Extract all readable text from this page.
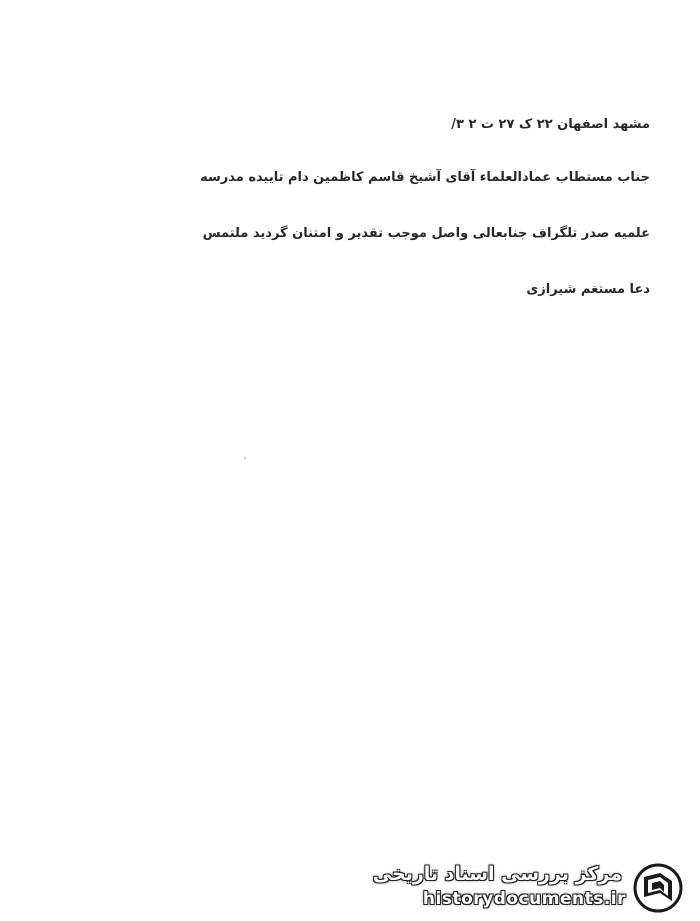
مشهد اصفهان ۲۲ ک ۲۷ ت ۲ ۳/
جناب مستطاب عمادالعلماء آقای آشیخ قاسم کاظمین دام تاییده مدرسه
علمیه صدر تلگراف جنابعالی واصل موجب تقدیر و امتنان گردید ملتمس
دعا مستغم شیرازی
مرکز بررسی اسناد تاریخی
historydocuments.ir
